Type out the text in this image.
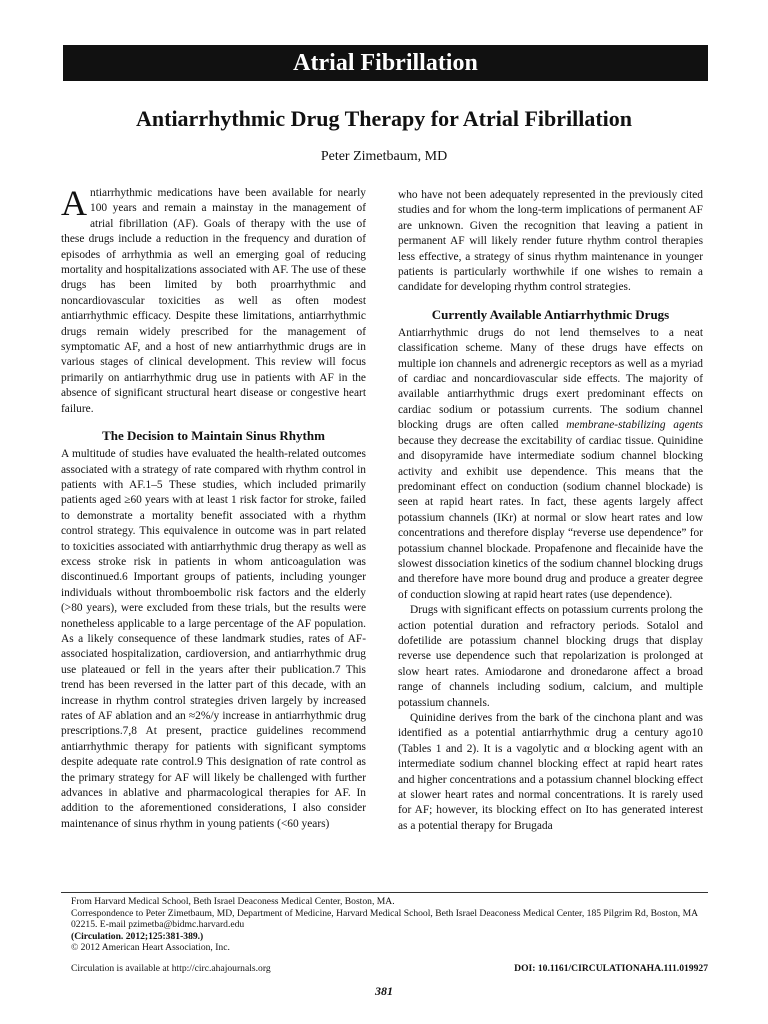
Atrial Fibrillation
Antiarrhythmic Drug Therapy for Atrial Fibrillation
Peter Zimetbaum, MD

Antiarrhythmic medications have been available for nearly 100 years and remain a mainstay in the management of atrial fibrillation (AF). Goals of therapy with the use of these drugs include a reduction in the frequency and duration of episodes of arrhythmia as well an emerging goal of reducing mortality and hospitalizations associated with AF. The use of these drugs has been limited by both proarrhythmic and noncardiovascular toxicities as well as often modest antiarrhythmic efficacy. Despite these limitations, antiarrhythmic drugs remain widely prescribed for the management of symptomatic AF, and a host of new antiarrhythmic drugs are in various stages of clinical development. This review will focus primarily on antiarrhythmic drug use in patients with AF in the absence of significant structural heart disease or congestive heart failure.

The Decision to Maintain Sinus Rhythm

A multitude of studies have evaluated the health-related outcomes associated with a strategy of rate compared with rhythm control in patients with AF.1–5 These studies, which included primarily patients aged ≥60 years with at least 1 risk factor for stroke, failed to demonstrate a mortality benefit associated with a rhythm control strategy. This equivalence in outcome was in part related to toxicities associated with antiarrhythmic drug therapy as well as excess stroke risk in patients in whom anticoagulation was discontinued.6 Important groups of patients, including younger individuals without thromboembolic risk factors and the elderly (>80 years), were excluded from these trials, but the results were nonetheless applicable to a large percentage of the AF population. As a likely consequence of these landmark studies, rates of AF-associated hospitalization, cardioversion, and antiarrhythmic drug use plateaued or fell in the years after their publication.7 This trend has been reversed in the latter part of this decade, with an increase in rhythm control strategies driven largely by increased rates of AF ablation and an ≈2%/y increase in antiarrhythmic drug prescriptions.7,8 At present, practice guidelines recommend antiarrhythmic therapy for patients with significant symptoms despite adequate rate control.9 This designation of rate control as the primary strategy for AF will likely be challenged with further advances in ablative and pharmacological therapies for AF. In addition to the aforementioned considerations, I also consider maintenance of sinus rhythm in young patients (<60 years)

who have not been adequately represented in the previously cited studies and for whom the long-term implications of permanent AF are unknown. Given the recognition that leaving a patient in permanent AF will likely render future rhythm control therapies less effective, a strategy of sinus rhythm maintenance in younger patients is particularly worthwhile if one wishes to remain a candidate for developing rhythm control strategies.

Currently Available Antiarrhythmic Drugs

Antiarrhythmic drugs do not lend themselves to a neat classification scheme. Many of these drugs have effects on multiple ion channels and adrenergic receptors as well as a myriad of cardiac and noncardiovascular side effects. The majority of available antiarrhythmic drugs exert predominant effects on cardiac sodium or potassium currents. The sodium channel blocking drugs are often called membrane-stabilizing agents because they decrease the excitability of cardiac tissue. Quinidine and disopyramide have intermediate sodium channel blocking activity and exhibit use dependence. This means that the predominant effect on conduction (sodium channel blockade) is seen at rapid heart rates. In fact, these agents largely affect potassium channels (IKr) at normal or slow heart rates and low concentrations and therefore display “reverse use dependence” for potassium channel blockade. Propafenone and flecainide have the slowest dissociation kinetics of the sodium channel blocking drugs and therefore have more bound drug and produce a greater degree of conduction slowing at rapid heart rates (use dependence).

Drugs with significant effects on potassium currents prolong the action potential duration and refractory periods. Sotalol and dofetilide are potassium channel blocking drugs that display reverse use dependence such that repolarization is prolonged at slow heart rates. Amiodarone and dronedarone affect a broad range of channels including sodium, calcium, and multiple potassium channels.

Quinidine derives from the bark of the cinchona plant and was identified as a potential antiarrhythmic drug a century ago10 (Tables 1 and 2). It is a vagolytic and α blocking agent with an intermediate sodium channel blocking effect at rapid heart rates and higher concentrations and a potassium channel blocking effect at slower heart rates and normal concentrations. It is rarely used for AF; however, its blocking effect on Ito has generated interest as a potential therapy for Brugada

From Harvard Medical School, Beth Israel Deaconess Medical Center, Boston, MA.
Correspondence to Peter Zimetbaum, MD, Department of Medicine, Harvard Medical School, Beth Israel Deaconess Medical Center, 185 Pilgrim Rd, Boston, MA 02215. E-mail pzimetba@bidmc.harvard.edu
(Circulation. 2012;125:381-389.)
© 2012 American Heart Association, Inc.
Circulation is available at http://circ.ahajournals.org	DOI: 10.1161/CIRCULATIONAHA.111.019927
381
